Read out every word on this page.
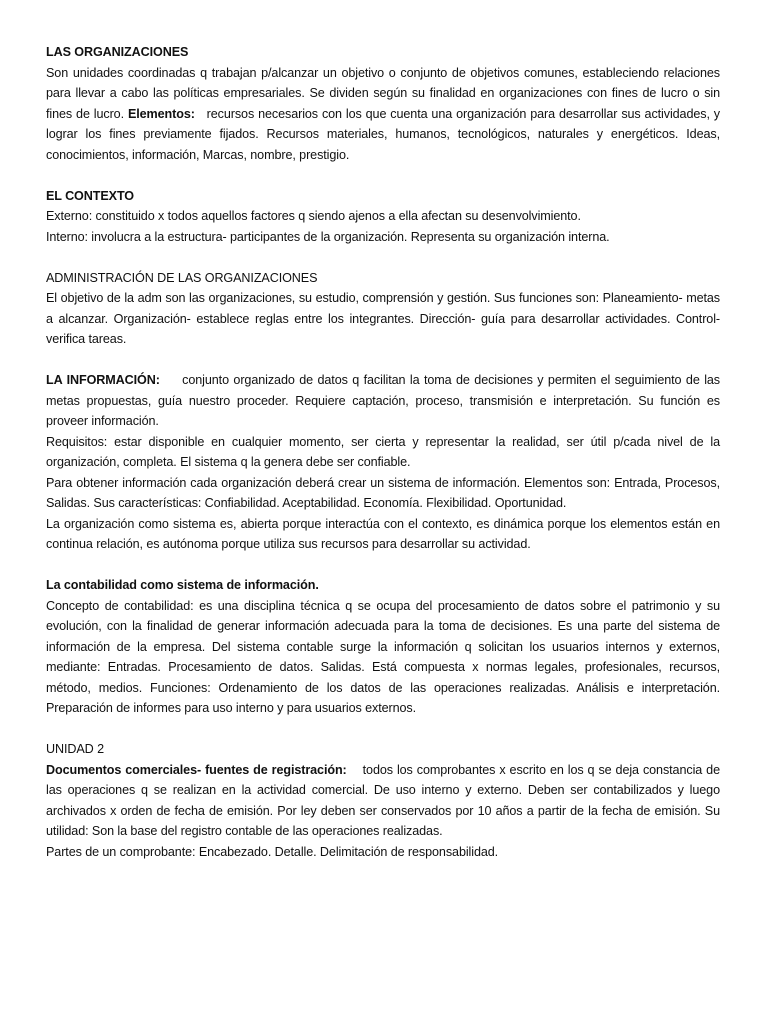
LAS ORGANIZACIONES

Son unidades coordinadas q trabajan p/alcanzar un objetivo o conjunto de objetivos comunes, estableciendo relaciones para llevar a cabo las políticas empresariales. Se dividen según su finalidad en organizaciones con fines de lucro o sin fines de lucro. Elementos: recursos necesarios con los que cuenta una organización para desarrollar sus actividades, y lograr los fines previamente fijados. Recursos materiales, humanos, tecnológicos, naturales y energéticos. Ideas, conocimientos, información, Marcas, nombre, prestigio.

EL CONTEXTO

Externo: constituido x todos aquellos factores q siendo ajenos a ella afectan su desenvolvimiento.

Interno: involucra a la estructura- participantes de la organización. Representa su organización interna.

ADMINISTRACIÓN DE LAS ORGANIZACIONES

El objetivo de la adm son las organizaciones, su estudio, comprensión y gestión. Sus funciones son: Planeamiento- metas a alcanzar. Organización- establece reglas entre los integrantes. Dirección- guía para desarrollar actividades. Control- verifica tareas.

LA INFORMACIÓN: conjunto organizado de datos q facilitan la toma de decisiones y permiten el seguimiento de las metas propuestas, guía nuestro proceder. Requiere captación, proceso, transmisión e interpretación. Su función es proveer información.

Requisitos: estar disponible en cualquier momento, ser cierta y representar la realidad, ser útil p/cada nivel de la organización, completa. El sistema q la genera debe ser confiable.

Para obtener información cada organización deberá crear un sistema de información. Elementos son: Entrada, Procesos, Salidas. Sus características: Confiabilidad. Aceptabilidad. Economía. Flexibilidad. Oportunidad.

La organización como sistema es, abierta porque interactúa con el contexto, es dinámica porque los elementos están en continua relación, es autónoma porque utiliza sus recursos para desarrollar su actividad.

La contabilidad como sistema de información.

Concepto de contabilidad: es una disciplina técnica q se ocupa del procesamiento de datos sobre el patrimonio y su evolución, con la finalidad de generar información adecuada para la toma de decisiones. Es una parte del sistema de información de la empresa. Del sistema contable surge la información q solicitan los usuarios internos y externos, mediante: Entradas. Procesamiento de datos. Salidas. Está compuesta x normas legales, profesionales, recursos, método, medios. Funciones: Ordenamiento de los datos de las operaciones realizadas. Análisis e interpretación. Preparación de informes para uso interno y para usuarios externos.

UNIDAD 2

Documentos comerciales- fuentes de registración: todos los comprobantes x escrito en los q se deja constancia de las operaciones q se realizan en la actividad comercial. De uso interno y externo. Deben ser contabilizados y luego archivados x orden de fecha de emisión. Por ley deben ser conservados por 10 años a partir de la fecha de emisión. Su utilidad: Son la base del registro contable de las operaciones realizadas.

Partes de un comprobante: Encabezado. Detalle. Delimitación de responsabilidad.
